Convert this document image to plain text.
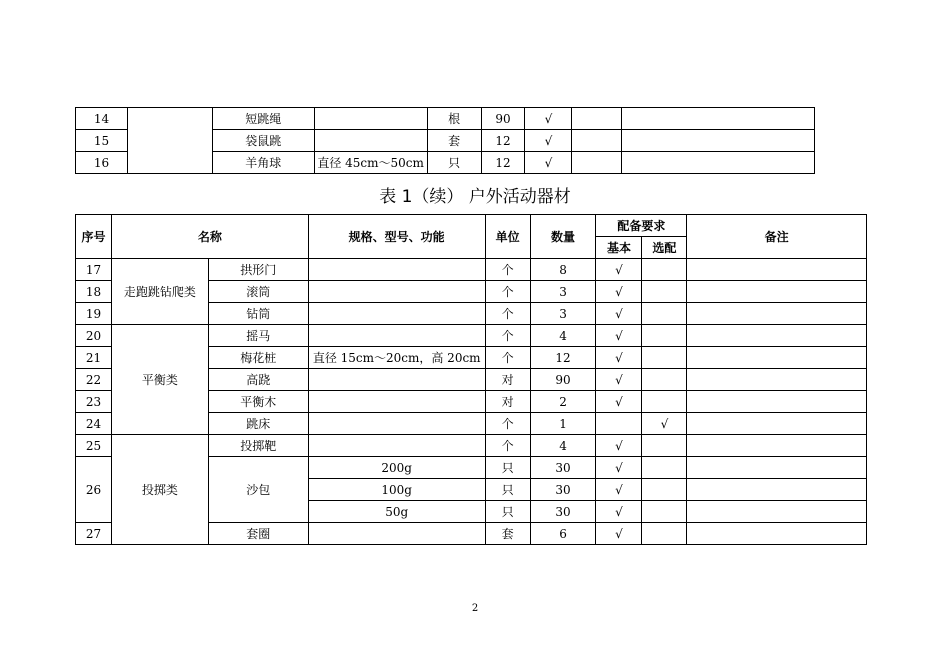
14		短跳绳		根	90	√		
15		袋鼠跳		套	12	√		
16		羊角球	直径 45cm～50cm	只	12	√		
表 1（续） 户外活动器材
序号	名称		规格、型号、功能	单位	数量	配备要求		备注
						基本	选配	
17	走跑跳钻爬类	拱形门		个	8	√		
18		滚筒		个	3	√		
19		钻筒		个	3	√		
20	平衡类	摇马		个	4	√		
21		梅花桩	直径 15cm～20cm，高 20cm	个	12	√		
22		高跷		对	90	√		
23		平衡木		对	2	√		
24		跳床		个	1		√	
25	投掷类	投掷靶		个	4	√		
26		沙包	200g	只	30	√		
			100g	只	30	√		
			50g	只	30	√		
27		套圈		套	6	√		
2
